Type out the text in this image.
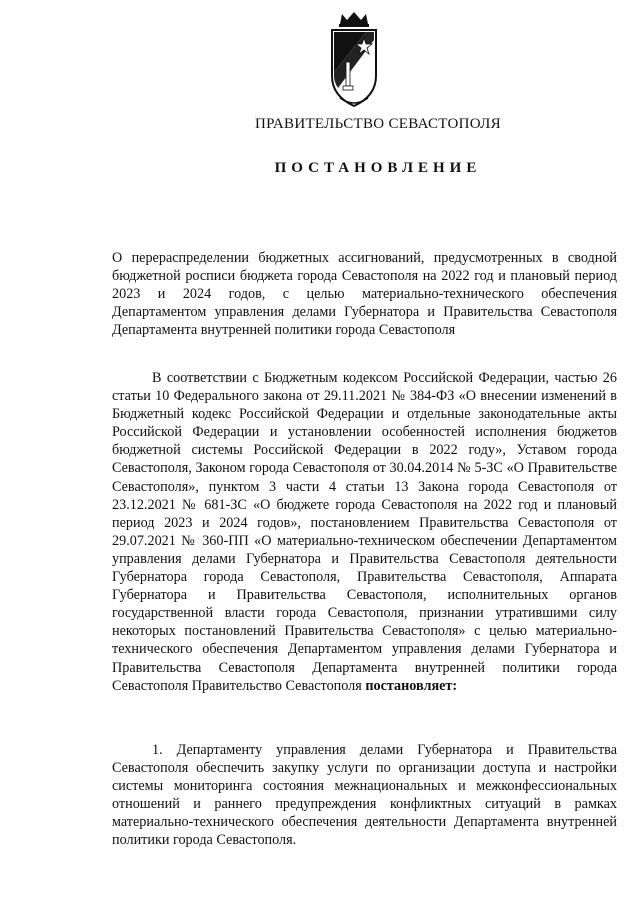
ПРАВИТЕЛЬСТВО СЕВАСТОПОЛЯ
ПОСТАНОВЛЕНИЕ

О перераспределении бюджетных ассигнований, предусмотренных в сводной бюджетной росписи бюджета города Севастополя на 2022 год и плановый период 2023 и 2024 годов, с целью материально-технического обеспечения Департаментом управления делами Губернатора и Правительства Севастополя Департамента внутренней политики города Севастополя

В соответствии с Бюджетным кодексом Российской Федерации, частью 26 статьи 10 Федерального закона от 29.11.2021 № 384-ФЗ «О внесении изменений в Бюджетный кодекс Российской Федерации и отдельные законодательные акты Российской Федерации и установлении особенностей исполнения бюджетов бюджетной системы Российской Федерации в 2022 году», Уставом города Севастополя, Законом города Севастополя от 30.04.2014 № 5-ЗС «О Правительстве Севастополя», пунктом 3 части 4 статьи 13 Закона города Севастополя от 23.12.2021 № 681-ЗС «О бюджете города Севастополя на 2022 год и плановый период 2023 и 2024 годов», постановлением Правительства Севастополя от 29.07.2021 № 360-ПП «О материально-техническом обеспечении Департаментом управления делами Губернатора и Правительства Севастополя деятельности Губернатора города Севастополя, Правительства Севастополя, Аппарата Губернатора и Правительства Севастополя, исполнительных органов государственной власти города Севастополя, признании утратившими силу некоторых постановлений Правительства Севастополя» с целью материально-технического обеспечения Департаментом управления делами Губернатора и Правительства Севастополя Департамента внутренней политики города Севастополя Правительство Севастополя постановляет:

1. Департаменту управления делами Губернатора и Правительства Севастополя обеспечить закупку услуги по организации доступа и настройки системы мониторинга состояния межнациональных и межконфессиональных отношений и раннего предупреждения конфликтных ситуаций в рамках материально-технического обеспечения деятельности Департамента внутренней политики города Севастополя.
